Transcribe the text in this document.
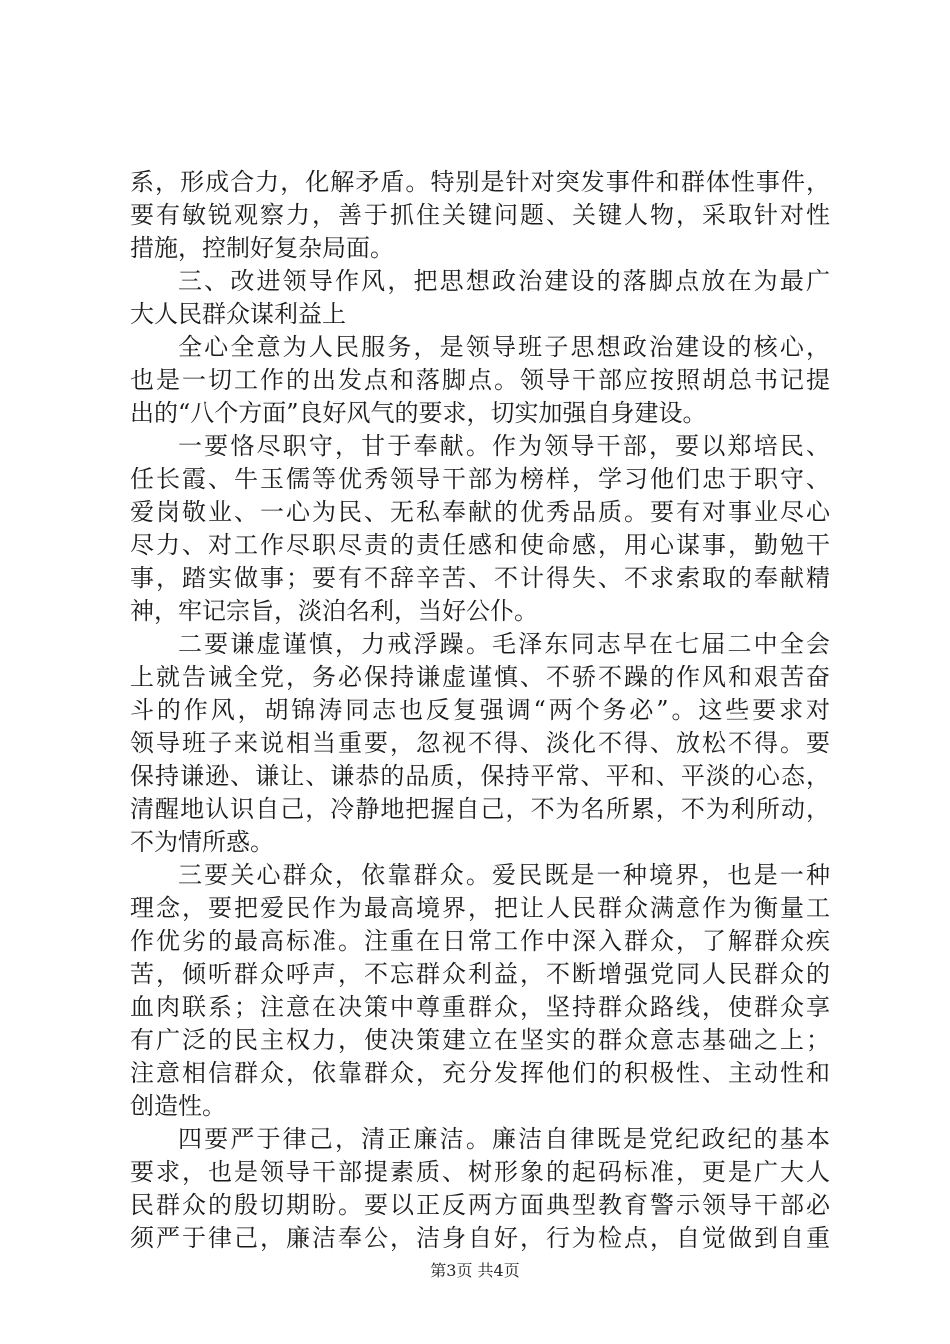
系，形成合力，化解矛盾。特别是针对突发事件和群体性事件，
要有敏锐观察力，善于抓住关键问题、关键人物，采取针对性
措施，控制好复杂局面。
三、改进领导作风，把思想政治建设的落脚点放在为最广
大人民群众谋利益上
全心全意为人民服务，是领导班子思想政治建设的核心，
也是一切工作的出发点和落脚点。领导干部应按照胡总书记提
出的“八个方面”良好风气的要求，切实加强自身建设。
一要恪尽职守，甘于奉献。作为领导干部，要以郑培民、
任长霞、牛玉儒等优秀领导干部为榜样，学习他们忠于职守、
爱岗敬业、一心为民、无私奉献的优秀品质。要有对事业尽心
尽力、对工作尽职尽责的责任感和使命感，用心谋事，勤勉干
事，踏实做事；要有不辞辛苦、不计得失、不求索取的奉献精
神，牢记宗旨，淡泊名利，当好公仆。
二要谦虚谨慎，力戒浮躁。毛泽东同志早在七届二中全会
上就告诫全党，务必保持谦虚谨慎、不骄不躁的作风和艰苦奋
斗的作风，胡锦涛同志也反复强调“两个务必”。这些要求对
领导班子来说相当重要，忽视不得、淡化不得、放松不得。要
保持谦逊、谦让、谦恭的品质，保持平常、平和、平淡的心态，
清醒地认识自己，冷静地把握自己，不为名所累，不为利所动，
不为情所惑。
三要关心群众，依靠群众。爱民既是一种境界，也是一种
理念，要把爱民作为最高境界，把让人民群众满意作为衡量工
作优劣的最高标准。注重在日常工作中深入群众，了解群众疾
苦，倾听群众呼声，不忘群众利益，不断增强党同人民群众的
血肉联系；注意在决策中尊重群众，坚持群众路线，使群众享
有广泛的民主权力，使决策建立在坚实的群众意志基础之上；
注意相信群众，依靠群众，充分发挥他们的积极性、主动性和
创造性。
四要严于律己，清正廉洁。廉洁自律既是党纪政纪的基本
要求，也是领导干部提素质、树形象的起码标准，更是广大人
民群众的殷切期盼。要以正反两方面典型教育警示领导干部必
须严于律己，廉洁奉公，洁身自好，行为检点，自觉做到自重
第3页 共4页
